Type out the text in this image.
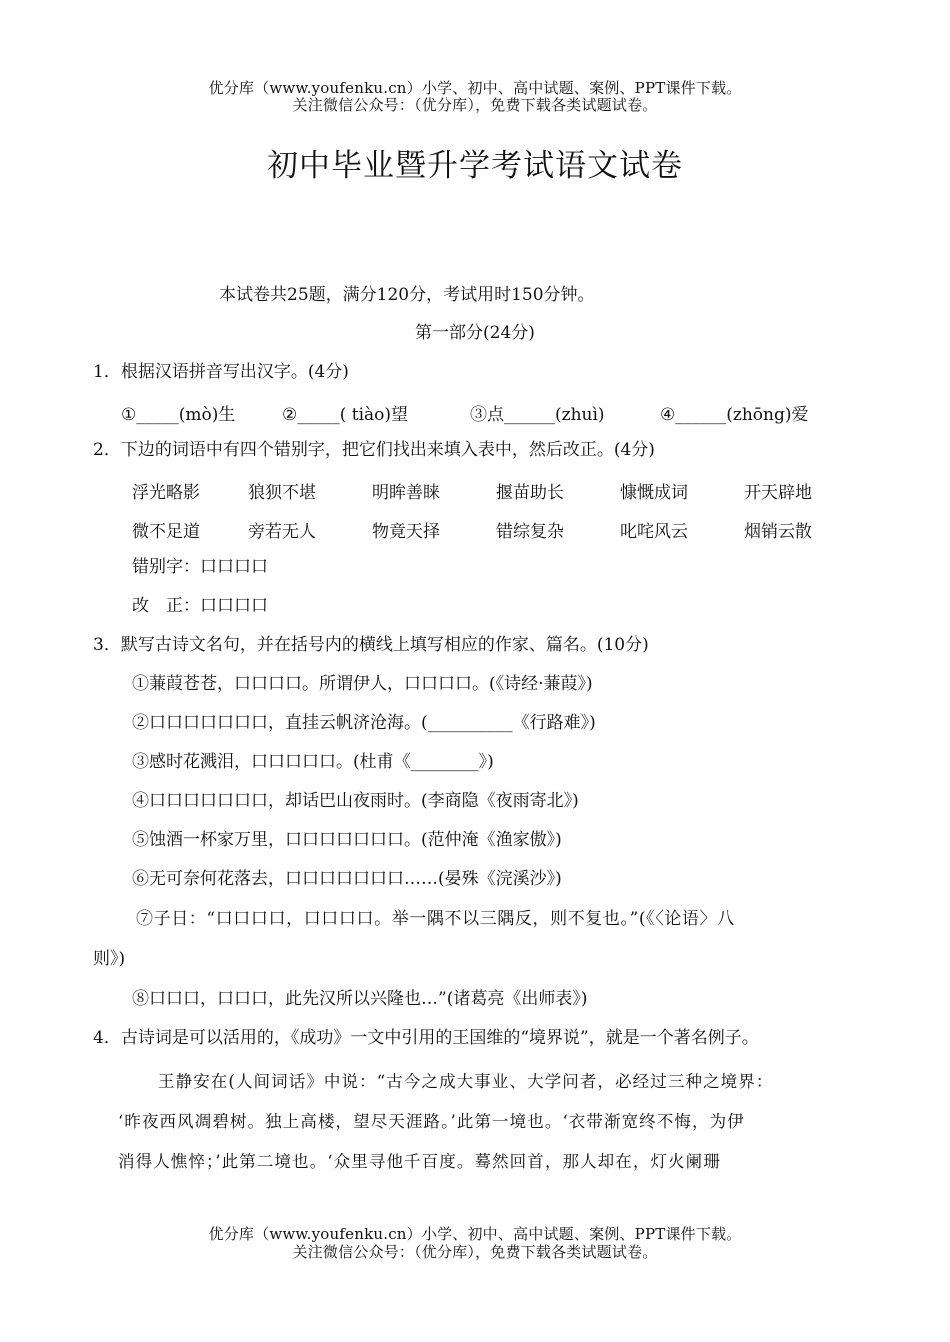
优分库（www.youfenku.cn）小学、初中、高中试题、案例、PPT课件下载。
关注微信公众号：（优分库），免费下载各类试题试卷。
初中毕业暨升学考试语文试卷
本试卷共25题，满分120分，考试用时150分钟。
第一部分(24分)
1．根据汉语拼音写出汉字。(4分)
①_____(mò)生	②_____( tiào)望	③点______(zhuì)	④______(zhōng)爱
2．下边的词语中有四个错别字，把它们找出来填入表中，然后改正。(4分)
浮光略影	狼狈不堪	明眸善睐	揠苗助长	慷慨成词	开天辟地
微不足道	旁若无人	物竟天择	错综复杂	叱咤风云	烟销云散
错别字：口口口口
改　正：口口口口
3．默写古诗文名句，并在括号内的横线上填写相应的作家、篇名。(10分)
①蒹葭苍苍，口口口口。所谓伊人，口口口口。(《诗经·蒹葭》)
②口口口口口口口，直挂云帆济沧海。(__________《行路难》)
③感时花溅泪，口口口口口。(杜甫《________》)
④口口口口口口口，却话巴山夜雨时。(李商隐《夜雨寄北》)
⑤蚀酒一杯家万里，口口口口口口口。(范仲淹《渔家傲》)
⑥无可奈何花落去，口口口口口口口……(晏殊《浣溪沙》)
⑦子日：“口口口口，口口口口。举一隅不以三隅反，则不复也。”(《〈论语〉八
则》)
⑧口口口，口口口，此先汉所以兴隆也…”(诸葛亮《出师表》)
4．古诗词是可以活用的，《成功》一文中引用的王国维的“境界说”，就是一个著名例子。
王静安在(人间词话》中说：“古今之成大事业、大学问者，必经过三种之境界：
‘昨夜西风凋碧树。独上高楼，望尽天涯路。’此第一境也。‘衣带渐宽终不悔，为伊
消得人憔悴；’此第二境也。‘众里寻他千百度。蓦然回首，那人却在，灯火阑珊
优分库（www.youfenku.cn）小学、初中、高中试题、案例、PPT课件下载。
关注微信公众号：（优分库），免费下载各类试题试卷。
